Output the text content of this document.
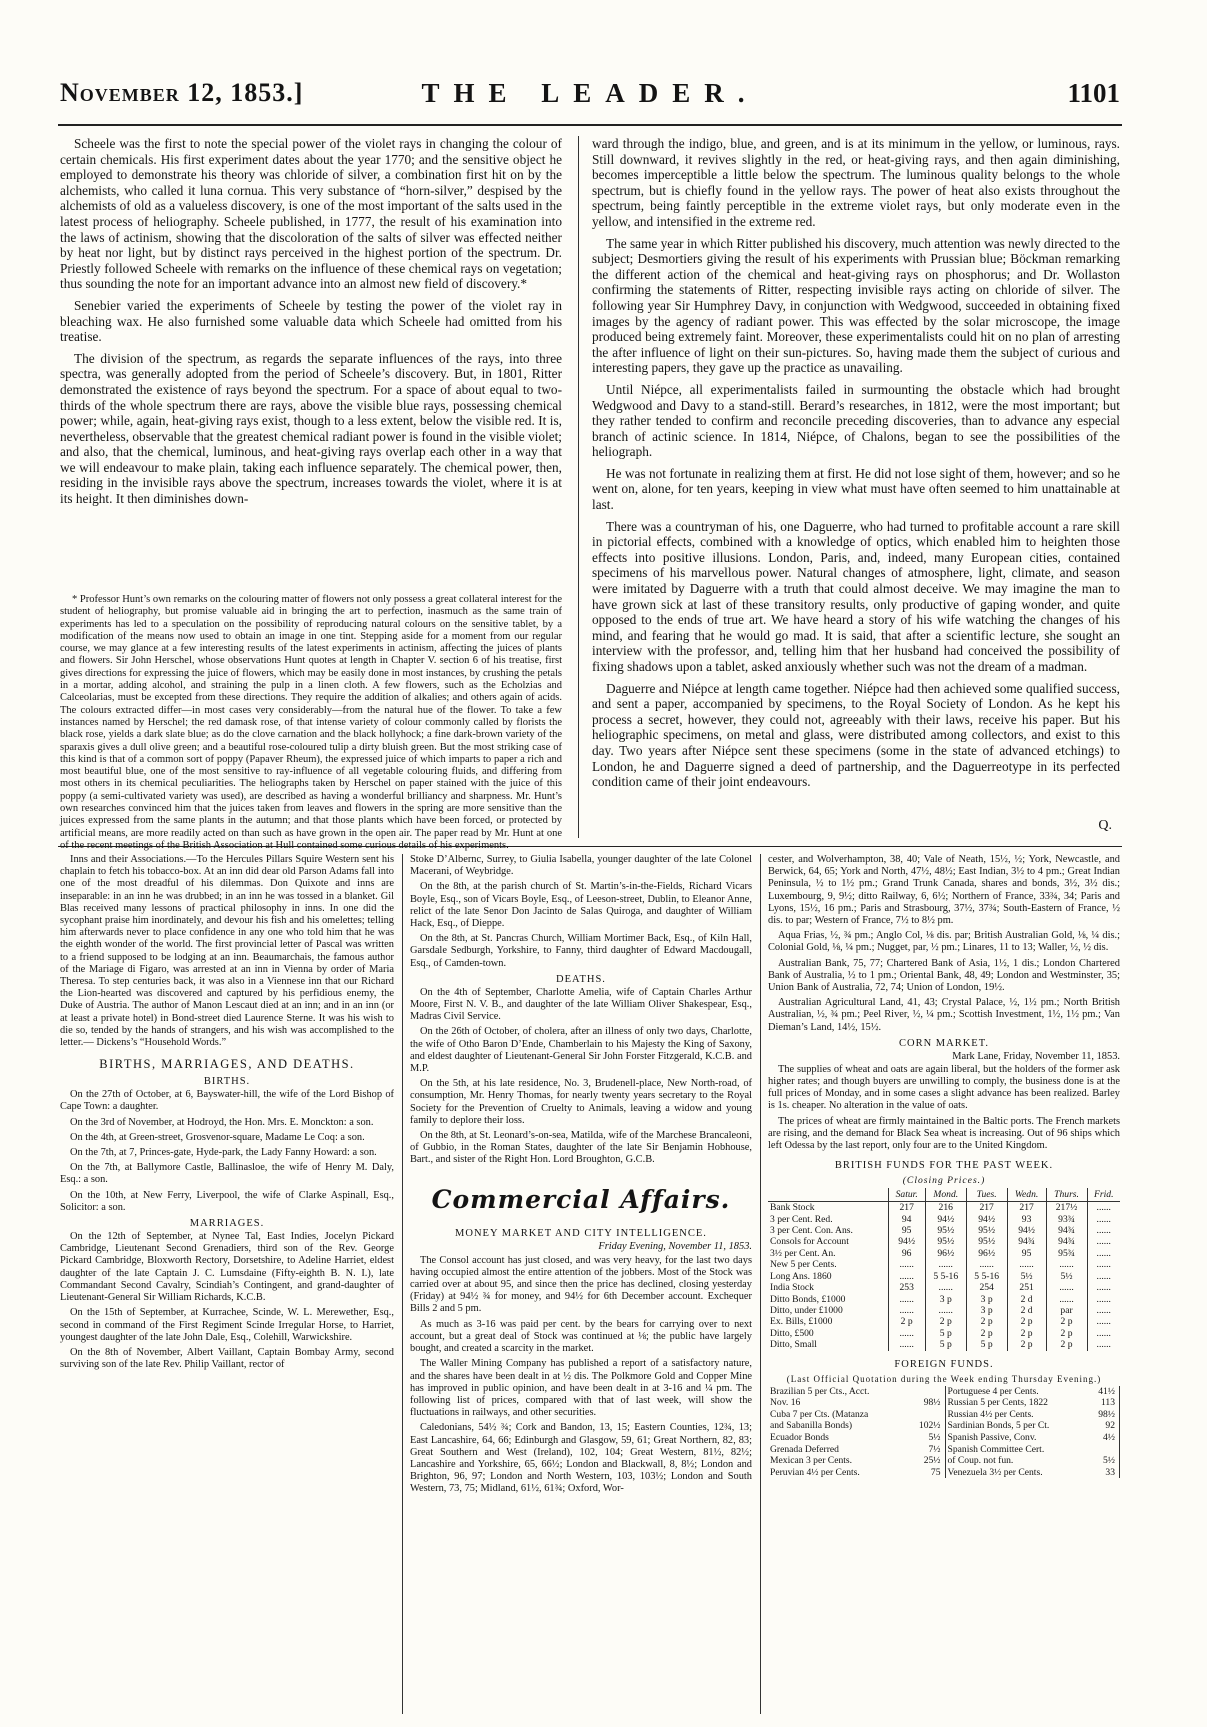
November 12, 1853.]	THE LEADER.	1101

Scheele was the first to note the special power of the violet rays in changing the colour of certain chemicals. His first experiment dates about the year 1770; and the sensitive object he employed to demonstrate his theory was chloride of silver, a combination first hit on by the alchemists, who called it luna cornua. This very substance of “horn-silver,” despised by the alchemists of old as a valueless discovery, is one of the most important of the salts used in the latest process of heliography. Scheele published, in 1777, the result of his examination into the laws of actinism, showing that the discoloration of the salts of silver was effected neither by heat nor light, but by distinct rays perceived in the highest portion of the spectrum. Dr. Priestly followed Scheele with remarks on the influence of these chemical rays on vegetation; thus sounding the note for an important advance into an almost new field of discovery.*

Senebier varied the experiments of Scheele by testing the power of the violet ray in bleaching wax. He also furnished some valuable data which Scheele had omitted from his treatise.

The division of the spectrum, as regards the separate influences of the rays, into three spectra, was generally adopted from the period of Scheele’s discovery. But, in 1801, Ritter demonstrated the existence of rays beyond the spectrum. For a space of about equal to two-thirds of the whole spectrum there are rays, above the visible blue rays, possessing chemical power; while, again, heat-giving rays exist, though to a less extent, below the visible red. It is, nevertheless, observable that the greatest chemical radiant power is found in the visible violet; and also, that the chemical, luminous, and heat-giving rays overlap each other in a way that we will endeavour to make plain, taking each influence separately. The chemical power, then, residing in the invisible rays above the spectrum, increases towards the violet, where it is at its height. It then diminishes down-

* Professor Hunt’s own remarks on the colouring matter of flowers not only possess a great collateral interest for the student of heliography, but promise valuable aid in bringing the art to perfection, inasmuch as the same train of experiments has led to a speculation on the possibility of reproducing natural colours on the sensitive tablet, by a modification of the means now used to obtain an image in one tint. Stepping aside for a moment from our regular course, we may glance at a few interesting results of the latest experiments in actinism, affecting the juices of plants and flowers. Sir John Herschel, whose observations Hunt quotes at length in Chapter V. section 6 of his treatise, first gives directions for expressing the juice of flowers, which may be easily done in most instances, by crushing the petals in a mortar, adding alcohol, and straining the pulp in a linen cloth. A few flowers, such as the Echolzias and Calceolarias, must be excepted from these directions. They require the addition of alkalies; and others again of acids. The colours extracted differ—in most cases very considerably—from the natural hue of the flower. To take a few instances named by Herschel; the red damask rose, of that intense variety of colour commonly called by florists the black rose, yields a dark slate blue; as do the clove carnation and the black hollyhock; a fine dark-brown variety of the sparaxis gives a dull olive green; and a beautiful rose-coloured tulip a dirty bluish green. But the most striking case of this kind is that of a common sort of poppy (Papaver Rheum), the expressed juice of which imparts to paper a rich and most beautiful blue, one of the most sensitive to ray-influence of all vegetable colouring fluids, and differing from most others in its chemical peculiarities. The heliographs taken by Herschel on paper stained with the juice of this poppy (a semi-cultivated variety was used), are described as having a wonderful brilliancy and sharpness. Mr. Hunt’s own researches convinced him that the juices taken from leaves and flowers in the spring are more sensitive than the juices expressed from the same plants in the autumn; and that those plants which have been forced, or protected by artificial means, are more readily acted on than such as have grown in the open air. The paper read by Mr. Hunt at one

ward through the indigo, blue, and green, and is at its minimum in the yellow, or luminous, rays. Still downward, it revives slightly in the red, or heat-giving rays, and then again diminishing, becomes imperceptible a little below the spectrum. The luminous quality belongs to the whole spectrum, but is chiefly found in the yellow rays. The power of heat also exists throughout the spectrum, being faintly perceptible in the extreme violet rays, but only moderate even in the yellow, and intensified in the extreme red.

The same year in which Ritter published his discovery, much attention was newly directed to the subject; Desmortiers giving the result of his experiments with Prussian blue; Böckman remarking the different action of the chemical and heat-giving rays on phosphorus; and Dr. Wollaston confirming the statements of Ritter, respecting invisible rays acting on chloride of silver. The following year Sir Humphrey Davy, in conjunction with Wedgwood, succeeded in obtaining fixed images by the agency of radiant power. This was effected by the solar microscope, the image produced being extremely faint. Moreover, these experimentalists could hit on no plan of arresting the after influence of light on their sun-pictures. So, having made them the subject of curious and interesting papers, they gave up the practice as unavailing.

Until Niépce, all experimentalists failed in surmounting the obstacle which had brought Wedgwood and Davy to a stand-still. Berard’s researches, in 1812, were the most important; but they rather tended to confirm and reconcile preceding discoveries, than to advance any especial branch of actinic science. In 1814, Niépce, of Chalons, began to see the possibilities of the heliograph.

He was not fortunate in realizing them at first. He did not lose sight of them, however; and so he went on, alone, for ten years, keeping in view what must have often seemed to him unattainable at last.

There was a countryman of his, one Daguerre, who had turned to profitable account a rare skill in pictorial effects, combined with a knowledge of optics, which enabled him to heighten those effects into positive illusions. London, Paris, and, indeed, many European cities, contained specimens of his marvellous power. Natural changes of atmosphere, light, climate, and season were imitated by Daguerre with a truth that could almost deceive. We may imagine the man to have grown sick at last of these transitory results, only productive of gaping wonder, and quite opposed to the ends of true art. We have heard a story of his wife watching the changes of his mind, and fearing that he would go mad. It is said, that after a scientific lecture, she sought an interview with the professor, and, telling him that her husband had conceived the possibility of fixing shadows upon a tablet, asked anxiously whether such was not the dream of a madman.

Daguerre and Niépce at length came together. Niépce had then achieved some qualified success, and sent a paper, accompanied by specimens, to the Royal Society of London. As he kept his process a secret, however, they could not, agreeably with their laws, receive his paper. But his heliographic specimens, on metal and glass, were distributed among collectors, and exist to this day. Two years after Niépce sent these specimens (some in the state of advanced etchings) to London, he and Daguerre signed a deed of partnership, and the Daguerreotype in its perfected condition came of their joint endeavours.

Q.

Inns and their Associations.—To the Hercules Pillars Squire Western sent his chaplain to fetch his tobacco-box. At an inn did dear old Parson Adams fall into one of the most dreadful of his dilemmas. Don Quixote and inns are inseparable: in an inn he was drubbed; in an inn he was tossed in a blanket. Gil Blas received many lessons of practical philosophy in inns. In one did the sycophant praise him inordinately, and devour his fish and his omelettes; telling him afterwards never to place confidence in any one who told him that he was the eighth wonder of the world. The first provincial letter of Pascal was written to a friend supposed to be lodging at an inn. Beaumarchais, the famous author of the Mariage di Figaro, was arrested at an inn in Vienna by order of Maria Theresa. To step centuries back, it was also in a Viennese inn that our Richard the Lion-hearted was discovered and captured by his perfidious enemy, the Duke of Austria. The author of Manon Lescaut died at an inn; and in an inn (or at least a private hotel) in Bond-street died Laurence Sterne. It was his wish to die so, tended by the hands of strangers, and his wish was accomplished to the letter.— Dickens’s “Household Words.”

BIRTHS, MARRIAGES, AND DEATHS.
BIRTHS.

On the 27th of October, at 6, Bayswater-hill, the wife of the Lord Bishop of Cape Town: a daughter.

On the 3rd of November, at Hodroyd, the Hon. Mrs. E. Monckton: a son.

On the 4th, at Green-street, Grosvenor-square, Madame Le Coq: a son.

On the 7th, at 7, Princes-gate, Hyde-park, the Lady Fanny Howard: a son.

On the 7th, at Ballymore Castle, Ballinasloe, the wife of Henry M. Daly, Esq.: a son.

On the 10th, at New Ferry, Liverpool, the wife of Clarke Aspinall, Esq., Solicitor: a son.

MARRIAGES.

On the 12th of September, at Nynee Tal, East Indies, Jocelyn Pickard Cambridge, Lieutenant Second Grenadiers, third son of the Rev. George Pickard Cambridge, Bloxworth Rectory, Dorsetshire, to Adeline Harriet, eldest daughter of the late Captain J. C. Lumsdaine (Fifty-eighth B. N. I.), late Commandant Second Cavalry, Scindiah’s Contingent, and grand-daughter of Lieutenant-General Sir William Richards, K.C.B.

On the 15th of September, at Kurrachee, Scinde, W. L. Merewether, Esq., second in command of the First Regiment Scinde Irregular Horse, to Harriet, youngest daughter of the late John Dale, Esq., Colehill, Warwickshire.

On the 8th of November, Albert Vaillant, Captain Bombay Army, second surviving son of the late Rev. Philip Vaillant, rector of

Stoke D’Albernc, Surrey, to Giulia Isabella, younger daughter of the late Colonel Macerani, of Weybridge.

On the 8th, at the parish church of St. Martin’s-in-the-Fields, Richard Vicars Boyle, Esq., son of Vicars Boyle, Esq., of Leeson-street, Dublin, to Eleanor Anne, relict of the late Senor Don Jacinto de Salas Quiroga, and daughter of William Hack, Esq., of Dieppe.

On the 8th, at St. Pancras Church, William Mortimer Back, Esq., of Kiln Hall, Garsdale Sedburgh, Yorkshire, to Fanny, third daughter of Edward Macdougall, Esq., of Camden-town.

DEATHS.

On the 4th of September, Charlotte Amelia, wife of Captain Charles Arthur Moore, First N. V. B., and daughter of the late William Oliver Shakespear, Esq., Madras Civil Service.

On the 26th of October, of cholera, after an illness of only two days, Charlotte, the wife of Otho Baron D’Ende, Chamberlain to his Majesty the King of Saxony, and eldest daughter of Lieutenant-General Sir John Forster Fitzgerald, K.C.B. and M.P.

On the 5th, at his late residence, No. 3, Brudenell-place, New North-road, of consumption, Mr. Henry Thomas, for nearly twenty years secretary to the Royal Society for the Prevention of Cruelty to Animals, leaving a widow and young family to deplore their loss.

On the 8th, at St. Leonard’s-on-sea, Matilda, wife of the Marchese Brancaleoni, of Gubbio, in the Roman States, daughter of the late Sir Benjamin Hobhouse, Bart., and sister of the Right Hon. Lord Broughton, G.C.B.

Commercial Affairs.
MONEY MARKET AND CITY INTELLIGENCE.
Friday Evening, November 11, 1853.

The Consol account has just closed, and was very heavy, for the last two days having occupied almost the entire attention of the jobbers. Most of the Stock was carried over at about 95, and since then the price has declined, closing yesterday (Friday) at 94½ ¾ for money, and 94½ for 6th December account. Exchequer Bills 2 and 5 pm.

As much as 3-16 was paid per cent. by the bears for carrying over to next account, but a great deal of Stock was continued at ⅛; the public have largely bought, and created a scarcity in the market.

The Waller Mining Company has published a report of a satisfactory nature, and the shares have been dealt in at ½ dis. The Polkmore Gold and Copper Mine has improved in public opinion, and have been dealt in at 3-16 and ¼ pm. The following list of prices, compared with that of last week, will show the fluctuations in railways, and other securities.

Caledonians, 54½ ¾; Cork and Bandon, 13, 15; Eastern Counties, 12¾, 13; East Lancashire, 64, 66; Edinburgh and Glasgow, 59, 61; Great Northern, 82, 83; Great Southern and West (Ireland), 102, 104; Great Western, 81½, 82½; Lancashire and Yorkshire, 65, 66½; London and Blackwall, 8, 8½; London and Brighton, 96, 97; London and North Western, 103, 103½; London and South Western, 73, 75; Midland, 61½, 61¾; Oxford, Wor-

cester, and Wolverhampton, 38, 40; Vale of Neath, 15½, ½; York, Newcastle, and Berwick, 64, 65; York and North, 47½, 48½; East Indian, 3½ to 4 pm.; Great Indian Peninsula, ½ to 1½ pm.; Grand Trunk Canada, shares and bonds, 3½, 3½ dis.; Luxembourg, 9, 9½; ditto Railway, 6, 6½; Northern of France, 33¾, 34; Paris and Lyons, 15½, 16 pm.; Paris and Strasbourg, 37½, 37¾; South-Eastern of France, ½ dis. to par; Western of France, 7½ to 8½ pm.

Aqua Frias, ½, ¾ pm.; Anglo Col, ⅛ dis. par; British Australian Gold, ⅛, ¼ dis.; Colonial Gold, ⅛, ¼ pm.; Nugget, par, ½ pm.; Linares, 11 to 13; Waller, ½, ½ dis.

Australian Bank, 75, 77; Chartered Bank of Asia, 1½, 1 dis.; London Chartered Bank of Australia, ½ to 1 pm.; Oriental Bank, 48, 49; London and Westminster, 35; Union Bank of Australia, 72, 74; Union of London, 19½.

Australian Agricultural Land, 41, 43; Crystal Palace, ½, 1½ pm.; North British Australian, ½, ¾ pm.; Peel River, ½, ¼ pm.; Scottish Investment, 1½, 1½ pm.; Van Dieman’s Land, 14½, 15½.

CORN MARKET.
Mark Lane, Friday, November 11, 1853.

The supplies of wheat and oats are again liberal, but the holders of the former ask higher rates; and though buyers are unwilling to comply, the business done is at the full prices of Monday, and in some cases a slight advance has been realized. Barley is 1s. cheaper. No alteration in the value of oats.

The prices of wheat are firmly maintained in the Baltic ports. The French markets are rising, and the demand for Black Sea wheat is increasing. Out of 96 ships which left Odessa by the last report, only four are to the United Kingdom.

BRITISH FUNDS FOR THE PAST WEEK.
(Closing Prices.)
	Satur.	Mond.	Tues.	Wedn.	Thurs.	Frid.
Bank Stock	217	216	217	217	217½	......
3 per Cent. Red.	94	94½	94½	93	93¾	......
3 per Cent. Con. Ans.	95	95½	95½	94½	94¾	......
Consols for Account	94½	95½	95½	94¾	94¾	......
3½ per Cent. An.	96	96½	96½	95	95¾	......
New 5 per Cents.	......	......	......	......	......	......
Long Ans. 1860	......	5 5-16	5 5-16	5½	5½	......
India Stock	253	......	254	251	......	......
Ditto Bonds, £1000	......	3 p	3 p	2 d	......	......
Ditto, under £1000	......	......	3 p	2 d	par	......
Ex. Bills, £1000	2 p	2 p	2 p	2 p	2 p	......
Ditto, £500	......	5 p	2 p	2 p	2 p	......
Ditto, Small	......	5 p	5 p	2 p	2 p	......
FOREIGN FUNDS.
(Last Official Quotation during the Week ending Thursday Evening.)
Brazilian 5 per Cts., Acct.		Portuguese 4 per Cents.	41½
Nov. 16	98½	Russian 5 per Cents, 1822	113
Cuba 7 per Cts. (Matanza		Russian 4½ per Cents.	98½
and Sabanilla Bonds)	102½	Sardinian Bonds, 5 per Ct.	92
Ecuador Bonds	5½	Spanish Passive, Conv.	4½
Grenada Deferred	7½	Spanish Committee Cert.	
Mexican 3 per Cents.	25½	of Coup. not fun.	5½
Peruvian 4½ per Cents.	75	Venezuela 3½ per Cents.	33
